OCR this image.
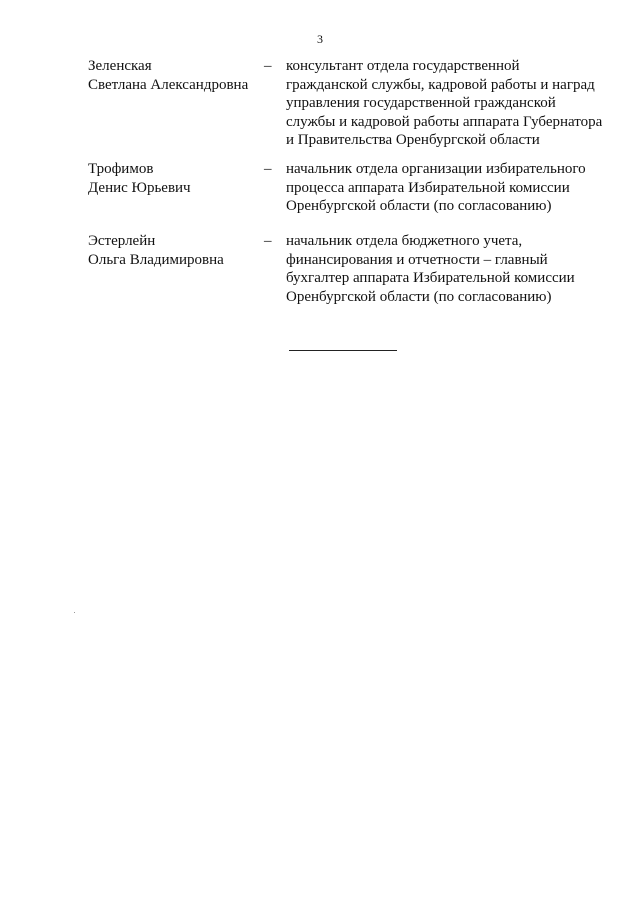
3
Зеленская
Светлана Александровна
– консультант отдела государственной
гражданской службы, кадровой работы и наград
управления государственной гражданской
службы и кадровой работы аппарата Губернатора
и Правительства Оренбургской области
Трофимов
Денис Юрьевич
– начальник отдела организации избирательного
процесса аппарата Избирательной комиссии
Оренбургской области (по согласованию)
Эстерлейн
Ольга Владимировна
– начальник отдела бюджетного учета,
финансирования и отчетности – главный
бухгалтер аппарата Избирательной комиссии
Оренбургской области (по согласованию)
